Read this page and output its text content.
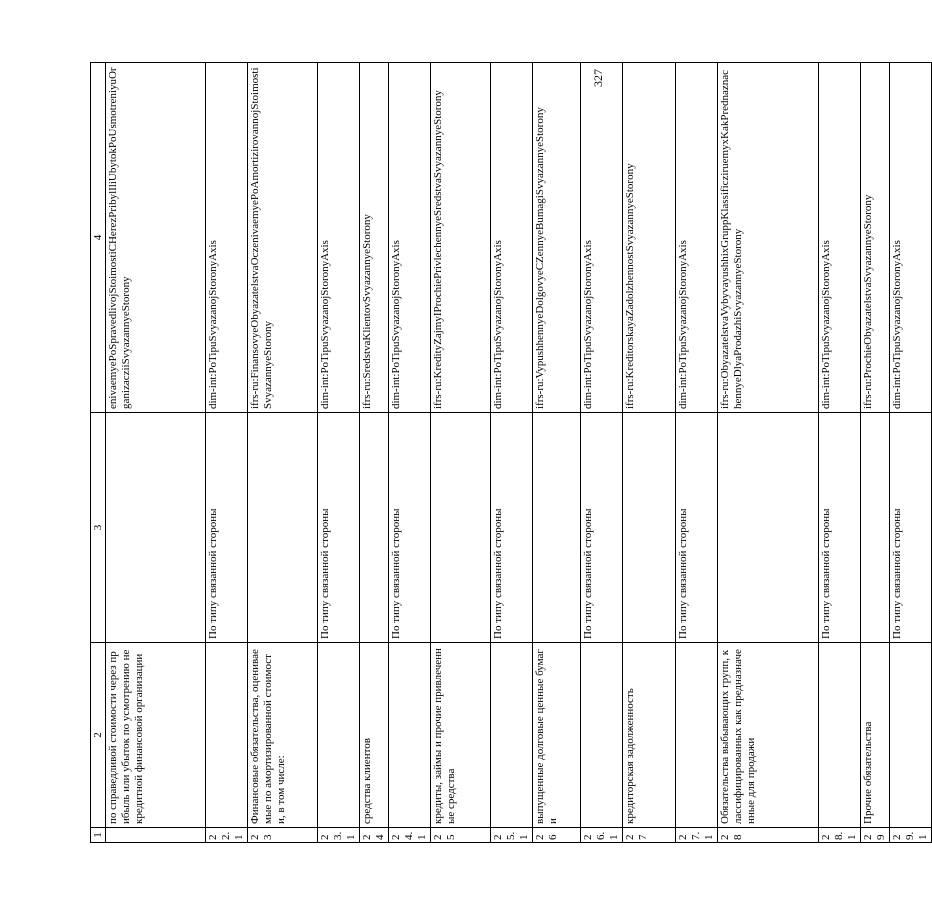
327
1	2	3	4
	по справедливой стоимости через прибыль или убыток по усмотрению некредитной финансовой организации		enivaemyePoSpravedlivojStoimostiCHerezPribylIliUbytokPoUsmotreniyuOrganizacziiSvyazannyeStorony
22.1		По типу связанной стороны	dim-int:PoTipuSvyazanojStoronyAxis
23	Финансовые обязательства, оцениваемые по амортизированной стоимости, в том числе:		ifrs-ru:FinansovyeObyazatelstvaOczenivaemyePoAmortizirovannojStoimostiSvyazannyeStorony
23.1		По типу связанной стороны	dim-int:PoTipuSvyazanojStoronyAxis
24	средства клиентов		ifrs-ru:SredstvaKlientovSvyazannyeStorony
24.1		По типу связанной стороны	dim-int:PoTipuSvyazanojStoronyAxis
25	кредиты, займы и прочие привлеченные средства		ifrs-ru:KredityZajmyIProchiePrivlechennyeSredstvaSvyazannyeStorony
25.1		По типу связанной стороны	dim-int:PoTipuSvyazanojStoronyAxis
26	выпущенные долговые ценные бумаги		ifrs-ru:VypushhennyeDolgovyeCZennyeBumagiSvyazannyeStorony
26.1		По типу связанной стороны	dim-int:PoTipuSvyazanojStoronyAxis
27	кредиторская задолженность		ifrs-ru:KreditorskayaZadolzhennostSvyazannyeStorony
27.1		По типу связанной стороны	dim-int:PoTipuSvyazanojStoronyAxis
28	Обязательства выбывающих групп, классифицированных как предназначенные для продажи		ifrs-ru:ObyazatelstvaVybyvayushhixGruppKlassificziruemyxKakPrednaznachennyeDlyaProdazhiSvyazannyeStorony
28.1		По типу связанной стороны	dim-int:PoTipuSvyazanojStoronyAxis
29	Прочие обязательства		ifrs-ru:ProchieObyazatelstvaSvyazannyeStorony
29.1		По типу связанной стороны	dim-int:PoTipuSvyazanojStoronyAxis
